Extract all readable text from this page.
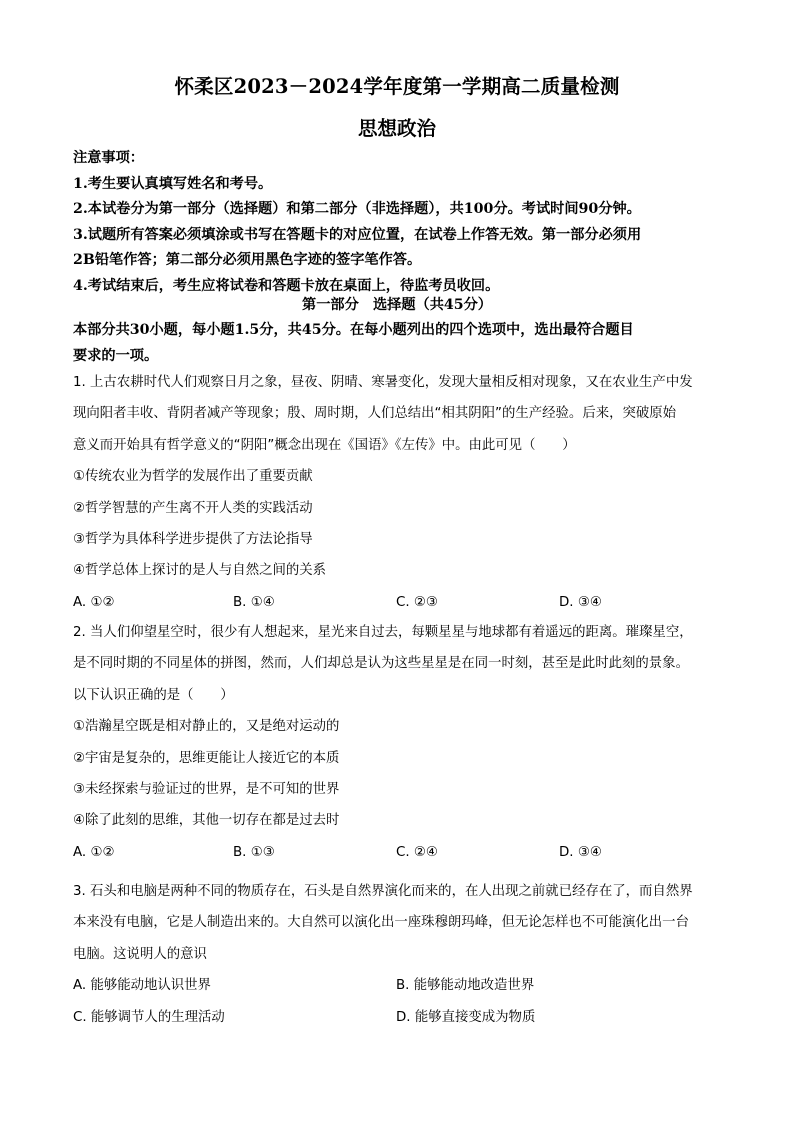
怀柔区2023－2024学年度第一学期高二质量检测
思想政治
注意事项：
1.考生要认真填写姓名和考号。
2.本试卷分为第一部分（选择题）和第二部分（非选择题），共100分。考试时间90分钟。
3.试题所有答案必须填涂或书写在答题卡的对应位置，在试卷上作答无效。第一部分必须用
2B铅笔作答；第二部分必须用黑色字迹的签字笔作答。
4.考试结束后，考生应将试卷和答题卡放在桌面上，待监考员收回。
第一部分　选择题（共45分）
本部分共30小题，每小题1.5分，共45分。在每小题列出的四个选项中，选出最符合题目
要求的一项。
1. 上古农耕时代人们观察日月之象，昼夜、阴晴、寒暑变化，发现大量相反相对现象，又在农业生产中发
现向阳者丰收、背阴者减产等现象；殷、周时期，人们总结出“相其阴阳”的生产经验。后来，突破原始
意义而开始具有哲学意义的“阴阳”概念出现在《国语》《左传》中。由此可见（　　）
①传统农业为哲学的发展作出了重要贡献
②哲学智慧的产生离不开人类的实践活动
③哲学为具体科学进步提供了方法论指导
④哲学总体上探讨的是人与自然之间的关系
A. ①②	B. ①④	C. ②③	D. ③④
2. 当人们仰望星空时，很少有人想起来，星光来自过去，每颗星星与地球都有着遥远的距离。璀璨星空，
是不同时期的不同星体的拼图，然而，人们却总是认为这些星星是在同一时刻，甚至是此时此刻的景象。
以下认识正确的是（　　）
①浩瀚星空既是相对静止的，又是绝对运动的
②宇宙是复杂的，思维更能让人接近它的本质
③未经探索与验证过的世界，是不可知的世界
④除了此刻的思维，其他一切存在都是过去时
A. ①②	B. ①③	C. ②④	D. ③④
3. 石头和电脑是两种不同的物质存在，石头是自然界演化而来的，在人出现之前就已经存在了，而自然界
本来没有电脑，它是人制造出来的。大自然可以演化出一座珠穆朗玛峰，但无论怎样也不可能演化出一台
电脑。这说明人的意识
A. 能够能动地认识世界	B. 能够能动地改造世界
C. 能够调节人的生理活动	D. 能够直接变成为物质
